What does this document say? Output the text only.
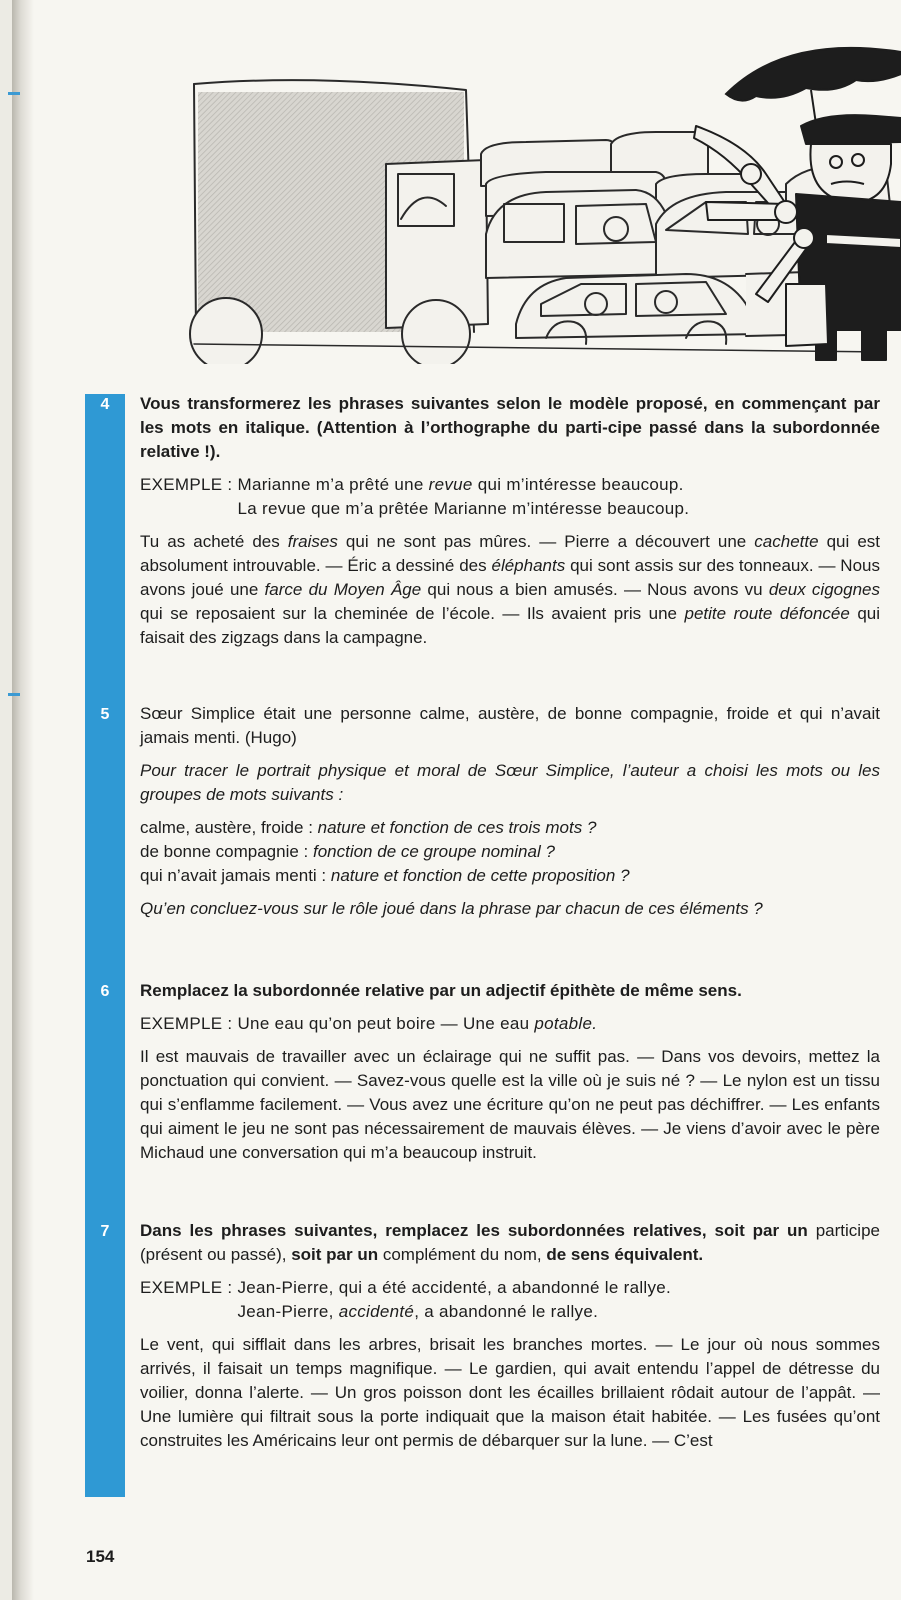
4
5
6
7

Vous transformerez les phrases suivantes selon le modèle proposé, en commençant par les mots en italique. (Attention à l’orthographe du parti-cipe passé dans la subordonnée relative !).

EXEMPLE : Marianne m’a prêté une revue qui m’intéresse beaucoup.
La revue que m’a prêtée Marianne m’intéresse beaucoup.

Tu as acheté des fraises qui ne sont pas mûres. — Pierre a découvert une cachette qui est absolument introuvable. — Éric a dessiné des éléphants qui sont assis sur des tonneaux. — Nous avons joué une farce du Moyen Âge qui nous a bien amusés. — Nous avons vu deux cigognes qui se reposaient sur la cheminée de l’école. — Ils avaient pris une petite route défoncée qui faisait des zigzags dans la campagne.

Sœur Simplice était une personne calme, austère, de bonne compagnie, froide et qui n’avait jamais menti. (Hugo)

Pour tracer le portrait physique et moral de Sœur Simplice, l’auteur a choisi les mots ou les groupes de mots suivants :

calme, austère, froide : nature et fonction de ces trois mots ?
de bonne compagnie : fonction de ce groupe nominal ?
qui n’avait jamais menti : nature et fonction de cette proposition ?

Qu’en concluez-vous sur le rôle joué dans la phrase par chacun de ces éléments ?

Remplacez la subordonnée relative par un adjectif épithète de même sens.

EXEMPLE : Une eau qu’on peut boire — Une eau potable.

Il est mauvais de travailler avec un éclairage qui ne suffit pas. — Dans vos devoirs, mettez la ponctuation qui convient. — Savez-vous quelle est la ville où je suis né ? — Le nylon est un tissu qui s’enflamme facilement. — Vous avez une écriture qu’on ne peut pas déchiffrer. — Les enfants qui aiment le jeu ne sont pas nécessairement de mauvais élèves. — Je viens d’avoir avec le père Michaud une conversation qui m’a beaucoup instruit.

Dans les phrases suivantes, remplacez les subordonnées relatives, soit par un participe (présent ou passé), soit par un complément du nom, de sens équivalent.

EXEMPLE : Jean-Pierre, qui a été accidenté, a abandonné le rallye.
Jean-Pierre, accidenté, a abandonné le rallye.

Le vent, qui sifflait dans les arbres, brisait les branches mortes. — Le jour où nous sommes arrivés, il faisait un temps magnifique. — Le gardien, qui avait entendu l’appel de détresse du voilier, donna l’alerte. — Un gros poisson dont les écailles brillaient rôdait autour de l’appât. — Une lumière qui filtrait sous la porte indiquait que la maison était habitée. — Les fusées qu’ont construites les Américains leur ont permis de débarquer sur la lune. — C’est

154
